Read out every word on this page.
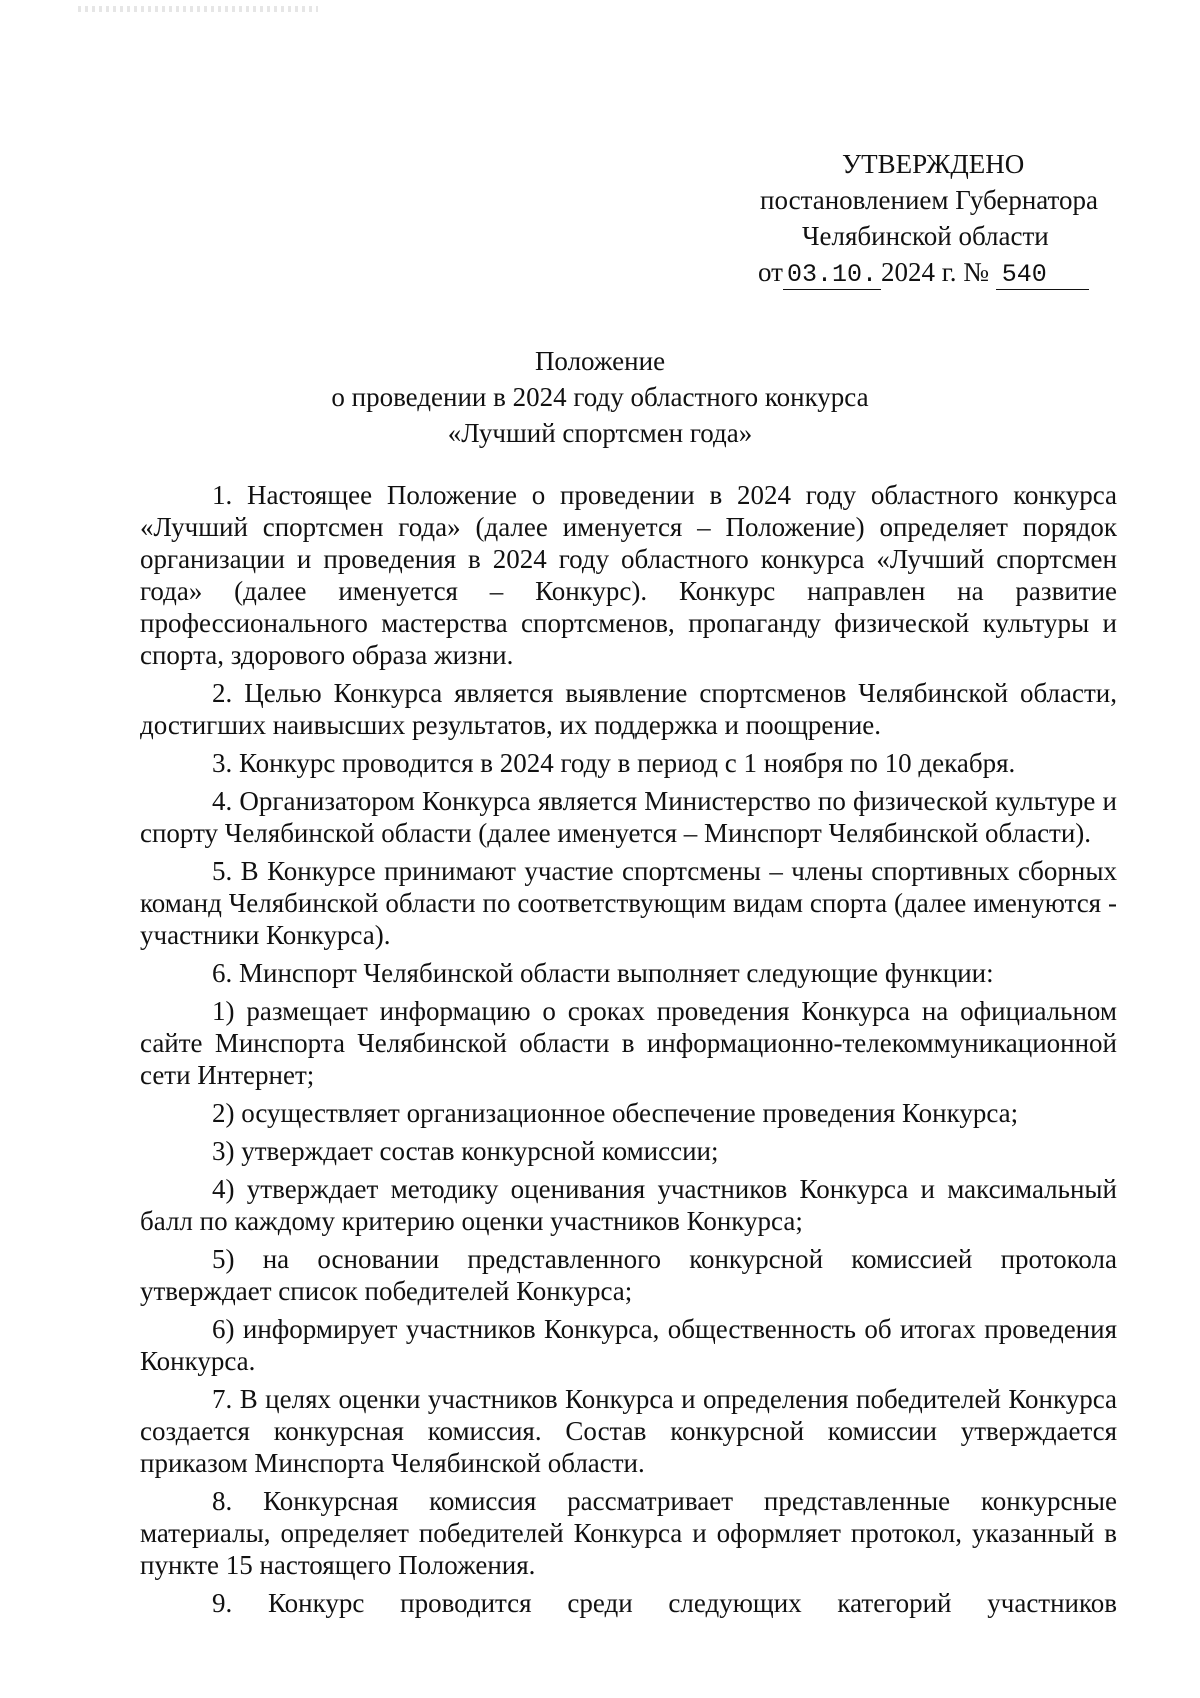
УТВЕРЖДЕНО
постановлением Губернатора
Челябинской области
от 03.10. 2024 г. № 540
Положение
о проведении в 2024 году областного конкурса
«Лучший спортсмен года»

1. Настоящее Положение о проведении в 2024 году областного конкурса «Лучший спортсмен года» (далее именуется – Положение) определяет порядок организации и проведения в 2024 году областного конкурса «Лучший спортсмен года» (далее именуется – Конкурс). Конкурс направлен на развитие профессионального мастерства спортсменов, пропаганду физической культуры и спорта, здорового образа жизни.

2. Целью Конкурса является выявление спортсменов Челябинской области, достигших наивысших результатов, их поддержка и поощрение.

3. Конкурс проводится в 2024 году в период с 1 ноября по 10 декабря.

4. Организатором Конкурса является Министерство по физической культуре и спорту Челябинской области (далее именуется – Минспорт Челябинской области).

5. В Конкурсе принимают участие спортсмены – члены спортивных сборных команд Челябинской области по соответствующим видам спорта (далее именуются - участники Конкурса).

6. Минспорт Челябинской области выполняет следующие функции:

1) размещает информацию о сроках проведения Конкурса на официальном сайте Минспорта Челябинской области в информационно-телекоммуникационной сети Интернет;

2) осуществляет организационное обеспечение проведения Конкурса;

3) утверждает состав конкурсной комиссии;

4) утверждает методику оценивания участников Конкурса и максимальный балл по каждому критерию оценки участников Конкурса;

5) на основании представленного конкурсной комиссией протокола утверждает список победителей Конкурса;

6) информирует участников Конкурса, общественность об итогах проведения Конкурса.

7. В целях оценки участников Конкурса и определения победителей Конкурса создается конкурсная комиссия. Состав конкурсной комиссии утверждается приказом Минспорта Челябинской области.

8. Конкурсная комиссия рассматривает представленные конкурсные материалы, определяет победителей Конкурса и оформляет протокол, указанный в пункте 15 настоящего Положения.

9. Конкурс проводится среди следующих категорий участников
